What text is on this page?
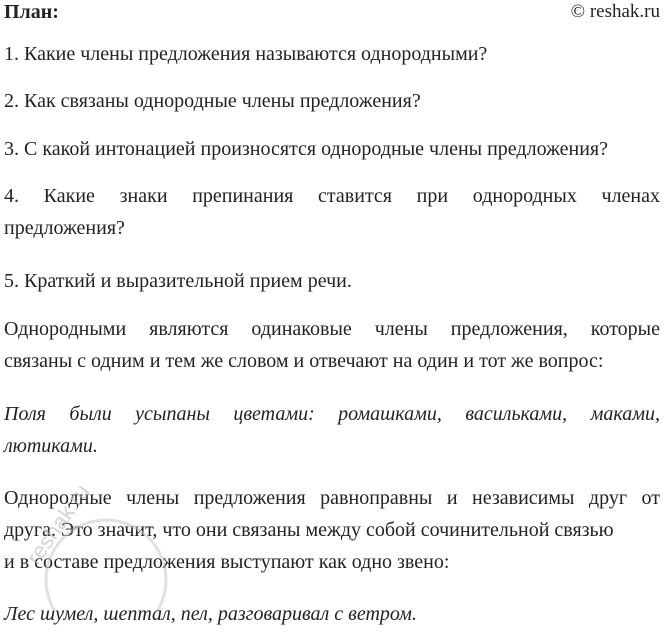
План:	© reshak.ru
1. Какие члены предложения называются однородными?
2. Как связаны однородные члены предложения?
3. С какой интонацией произносятся однородные члены предложения?
4. Какие знаки препинания ставится при однородных членах
предложения?
5. Краткий и выразительной прием речи.
Однородными являются одинаковые члены предложения, которые
связаны с одним и тем же словом и отвечают на один и тот же вопрос:
Поля были усыпаны цветами: ромашками, васильками, маками,
лютиками.
Однородные члены предложения равноправны и независимы друг от
друга. Это значит, что они связаны между собой сочинительной связью
и в составе предложения выступают как одно звено:
Лес шумел, шептал, пел, разговаривал с ветром.
reshak.ru
